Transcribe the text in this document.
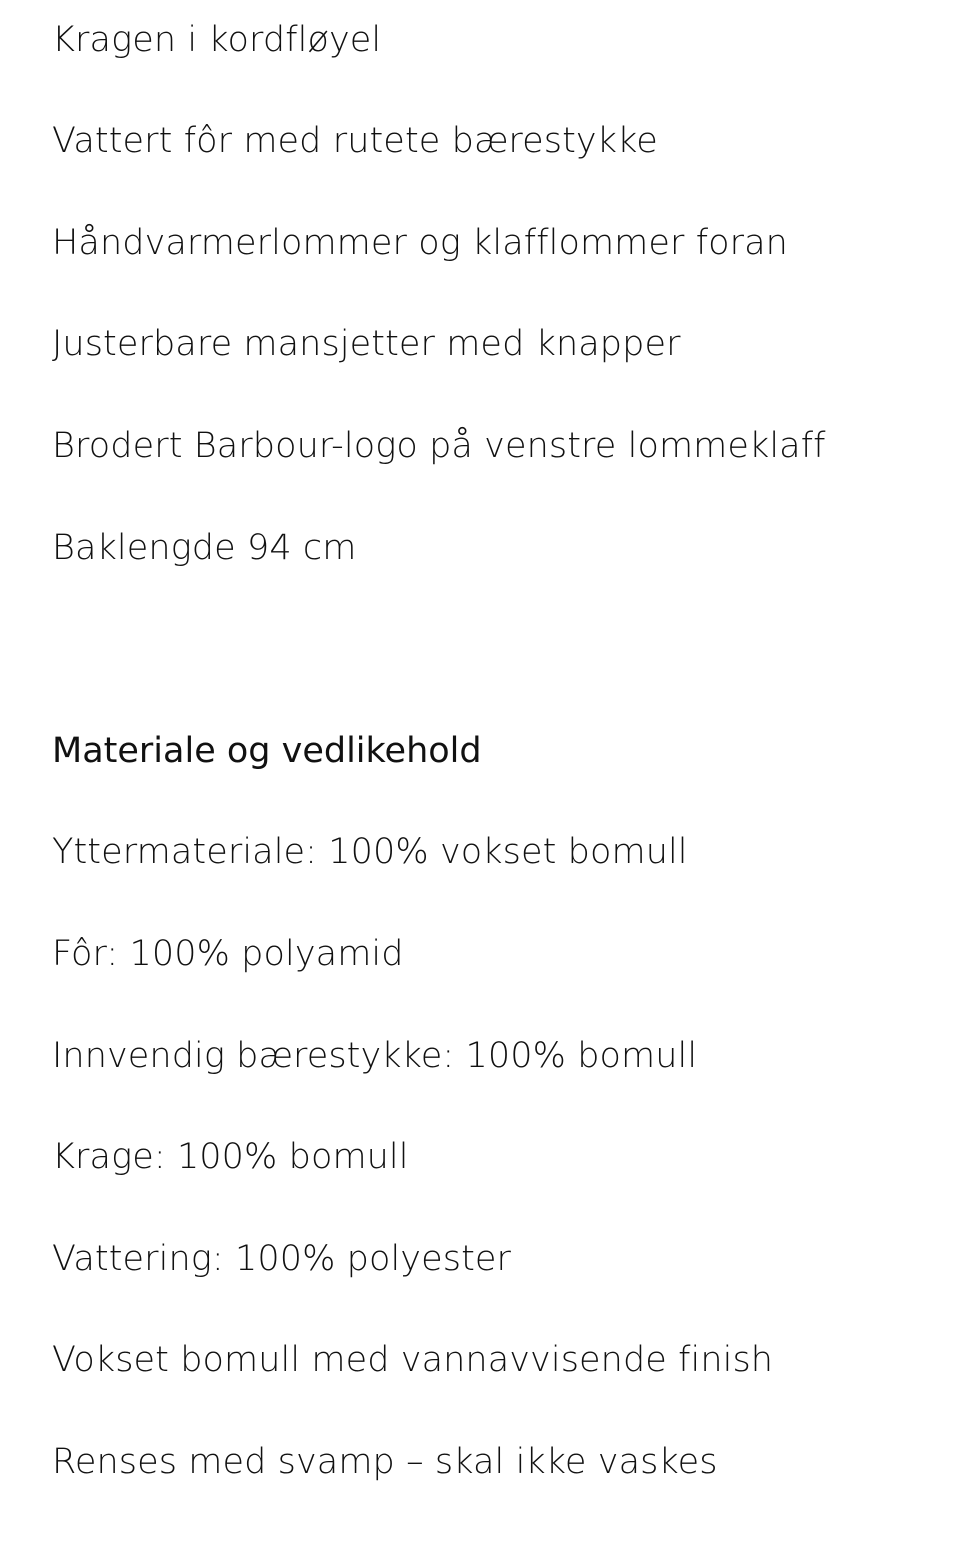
Kragen i kordfløyel
Vattert fôr med rutete bærestykke
Håndvarmerlommer og klafflommer foran
Justerbare mansjetter med knapper
Brodert Barbour-logo på venstre lommeklaff
Baklengde 94 cm
Materiale og vedlikehold
Yttermateriale: 100% vokset bomull
Fôr: 100% polyamid
Innvendig bærestykke: 100% bomull
Krage: 100% bomull
Vattering: 100% polyester
Vokset bomull med vannavvisende finish
Renses med svamp – skal ikke vaskes
